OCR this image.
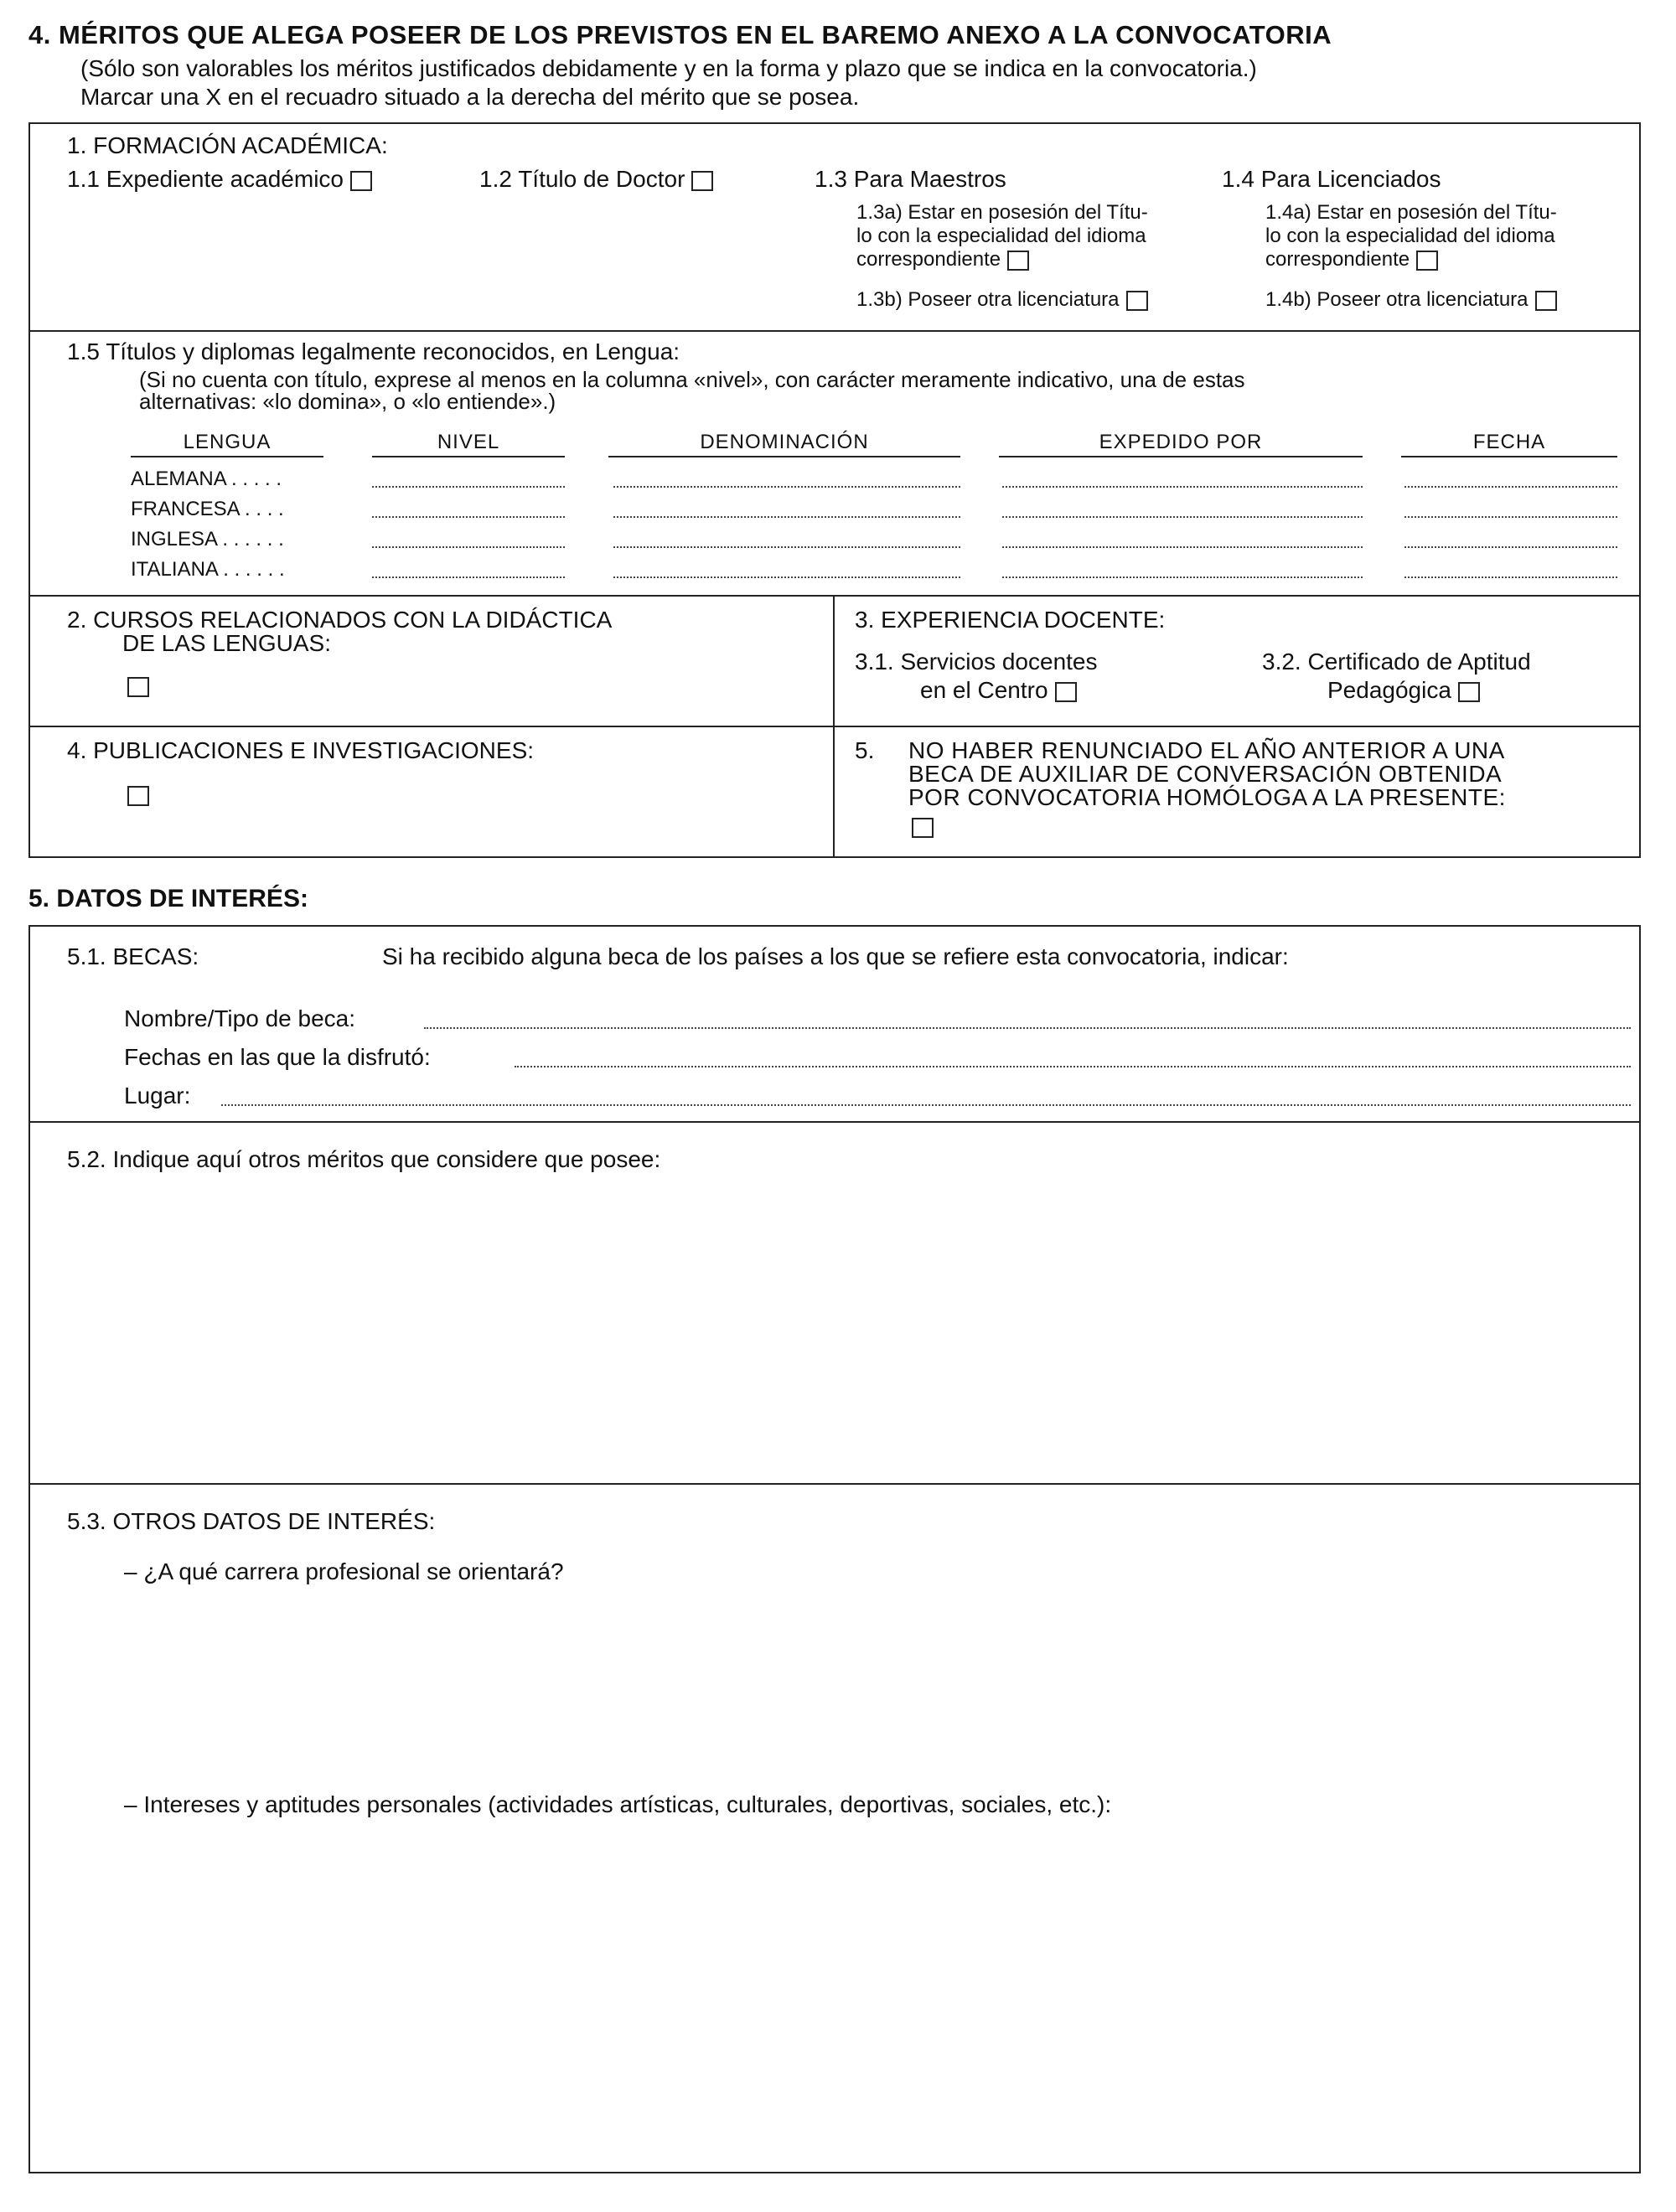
4. MÉRITOS QUE ALEGA POSEER DE LOS PREVISTOS EN EL BAREMO ANEXO A LA CONVOCATORIA
(Sólo son valorables los méritos justificados debidamente y en la forma y plazo que se indica en la convocatoria.)
Marcar una X en el recuadro situado a la derecha del mérito que se posea.
1. FORMACIÓN ACADÉMICA:
1.1 Expediente académico	1.2 Título de Doctor	1.3 Para Maestros	1.4 Para Licenciados
1.3a) Estar en posesión del Títu-
lo con la especialidad del idioma
correspondiente
1.3b) Poseer otra licenciatura
1.4a) Estar en posesión del Títu-
lo con la especialidad del idioma
correspondiente
1.4b) Poseer otra licenciatura
1.5 Títulos y diplomas legalmente reconocidos, en Lengua:
(Si no cuenta con título, exprese al menos en la columna «nivel», con carácter meramente indicativo, una de estas
alternativas: «lo domina», o «lo entiende».)
LENGUA	NIVEL	DENOMINACIÓN	EXPEDIDO POR	FECHA
ALEMANA . . . . .
FRANCESA . . . .
INGLESA . . . . . .
ITALIANA . . . . . .
2. CURSOS RELACIONADOS CON LA DIDÁCTICA
DE LAS LENGUAS:
3. EXPERIENCIA DOCENTE:
3.1. Servicios docentes
en el Centro
3.2. Certificado de Aptitud
Pedagógica
4. PUBLICACIONES E INVESTIGACIONES:	5. NO HABER RENUNCIADO EL AÑO ANTERIOR A UNA
BECA DE AUXILIAR DE CONVERSACIÓN OBTENIDA
POR CONVOCATORIA HOMÓLOGA A LA PRESENTE:
5. DATOS DE INTERÉS:
5.1. BECAS:	Si ha recibido alguna beca de los países a los que se refiere esta convocatoria, indicar:
Nombre/Tipo de beca:
Fechas en las que la disfrutó:
Lugar:
5.2. Indique aquí otros méritos que considere que posee:
5.3. OTROS DATOS DE INTERÉS:
– ¿A qué carrera profesional se orientará?
– Intereses y aptitudes personales (actividades artísticas, culturales, deportivas, sociales, etc.):
